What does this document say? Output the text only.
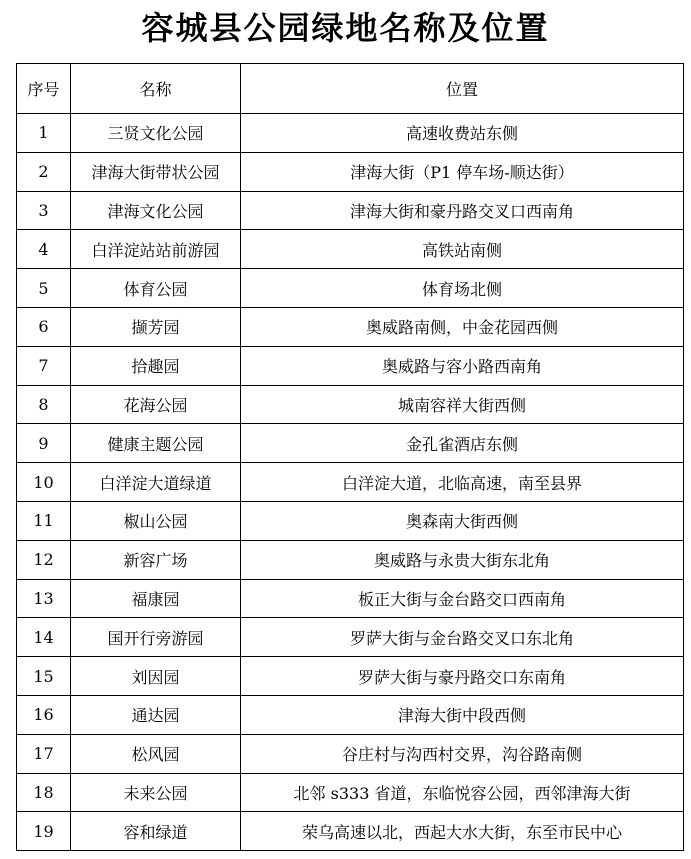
容城县公园绿地名称及位置
序号	名称	位置
1	三贤文化公园	高速收费站东侧
2	津海大街带状公园	津海大街（P1 停车场-顺达街）
3	津海文化公园	津海大街和豪丹路交叉口西南角
4	白洋淀站站前游园	高铁站南侧
5	体育公园	体育场北侧
6	撷芳园	奥威路南侧，中金花园西侧
7	拾趣园	奥威路与容小路西南角
8	花海公园	城南容祥大街西侧
9	健康主题公园	金孔雀酒店东侧
10	白洋淀大道绿道	白洋淀大道，北临高速，南至县界
11	椒山公园	奥森南大街西侧
12	新容广场	奥威路与永贵大街东北角
13	福康园	板正大街与金台路交口西南角
14	国开行旁游园	罗萨大街与金台路交叉口东北角
15	刘因园	罗萨大街与豪丹路交口东南角
16	通达园	津海大街中段西侧
17	松风园	谷庄村与沟西村交界，沟谷路南侧
18	未来公园	北邻 s333 省道，东临悦容公园，西邻津海大街
19	容和绿道	荣乌高速以北，西起大水大街，东至市民中心
